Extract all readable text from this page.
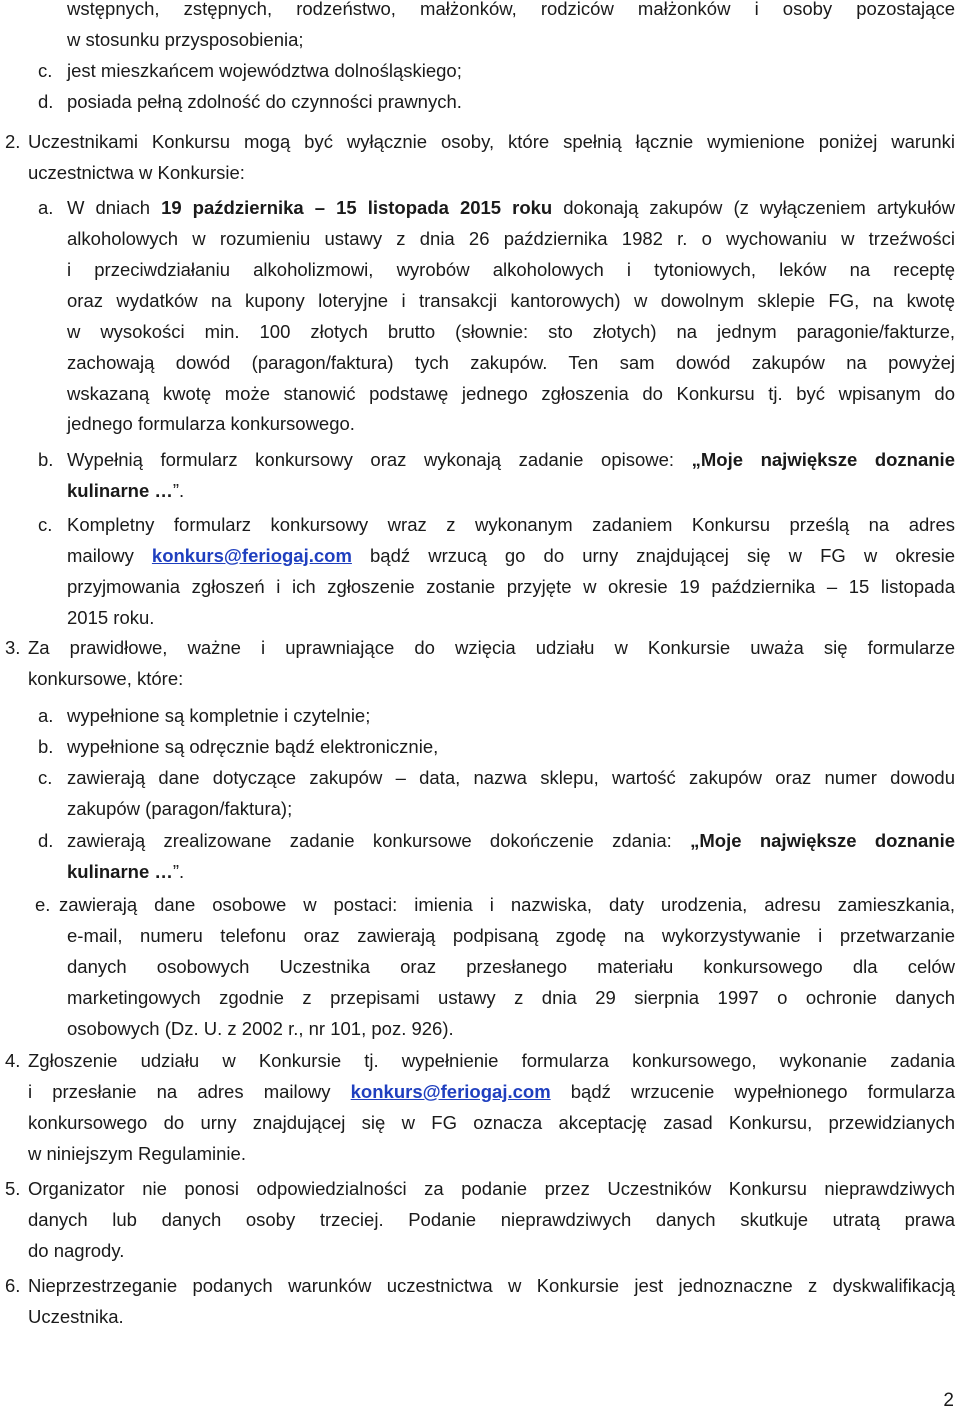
wstępnych, zstępnych, rodzeństwo, małżonków, rodziców małżonków i osoby pozostające
w stosunku przysposobienia;
c. jest mieszkańcem województwa dolnośląskiego;
d. posiada pełną zdolność do czynności prawnych.
2. Uczestnikami Konkursu mogą być wyłącznie osoby, które spełnią łącznie wymienione poniżej warunki
uczestnictwa w Konkursie:
a. W dniach 19 października – 15 listopada 2015 roku dokonają zakupów (z wyłączeniem artykułów
alkoholowych w rozumieniu ustawy z dnia 26 października 1982 r. o wychowaniu w trzeźwości
i przeciwdziałaniu alkoholizmowi, wyrobów alkoholowych i tytoniowych, leków na receptę
oraz wydatków na kupony loteryjne i transakcji kantorowych) w dowolnym sklepie FG, na kwotę
w wysokości min. 100 złotych brutto (słownie: sto złotych) na jednym paragonie/fakturze,
zachowają dowód (paragon/faktura) tych zakupów. Ten sam dowód zakupów na powyżej
wskazaną kwotę może stanowić podstawę jednego zgłoszenia do Konkursu tj. być wpisanym do
jednego formularza konkursowego.
b. Wypełnią formularz konkursowy oraz wykonają zadanie opisowe: „Moje największe doznanie
kulinarne …”.
c. Kompletny formularz konkursowy wraz z wykonanym zadaniem Konkursu prześlą na adres
mailowy konkurs@feriogaj.com bądź wrzucą go do urny znajdującej się w FG w okresie
przyjmowania zgłoszeń i ich zgłoszenie zostanie przyjęte w okresie 19 października – 15 listopada
2015 roku.
3. Za prawidłowe, ważne i uprawniające do wzięcia udziału w Konkursie uważa się formularze
konkursowe, które:
a. wypełnione są kompletnie i czytelnie;
b. wypełnione są odręcznie bądź elektronicznie,
c. zawierają dane dotyczące zakupów – data, nazwa sklepu, wartość zakupów oraz numer dowodu
zakupów (paragon/faktura);
d. zawierają zrealizowane zadanie konkursowe dokończenie zdania: „Moje największe doznanie
kulinarne …”.
e. zawierają dane osobowe w postaci: imienia i nazwiska, daty urodzenia, adresu zamieszkania,
e-mail, numeru telefonu oraz zawierają podpisaną zgodę na wykorzystywanie i przetwarzanie
danych osobowych Uczestnika oraz przesłanego materiału konkursowego dla celów
marketingowych zgodnie z przepisami ustawy z dnia 29 sierpnia 1997 o ochronie danych
osobowych (Dz. U. z 2002 r., nr 101, poz. 926).
4. Zgłoszenie udziału w Konkursie tj. wypełnienie formularza konkursowego, wykonanie zadania
i przesłanie na adres mailowy konkurs@feriogaj.com bądź wrzucenie wypełnionego formularza
konkursowego do urny znajdującej się w FG oznacza akceptację zasad Konkursu, przewidzianych
w niniejszym Regulaminie.
5. Organizator nie ponosi odpowiedzialności za podanie przez Uczestników Konkursu nieprawdziwych
danych lub danych osoby trzeciej. Podanie nieprawdziwych danych skutkuje utratą prawa
do nagrody.
6. Nieprzestrzeganie podanych warunków uczestnictwa w Konkursie jest jednoznaczne z dyskwalifikacją
Uczestnika.
2
